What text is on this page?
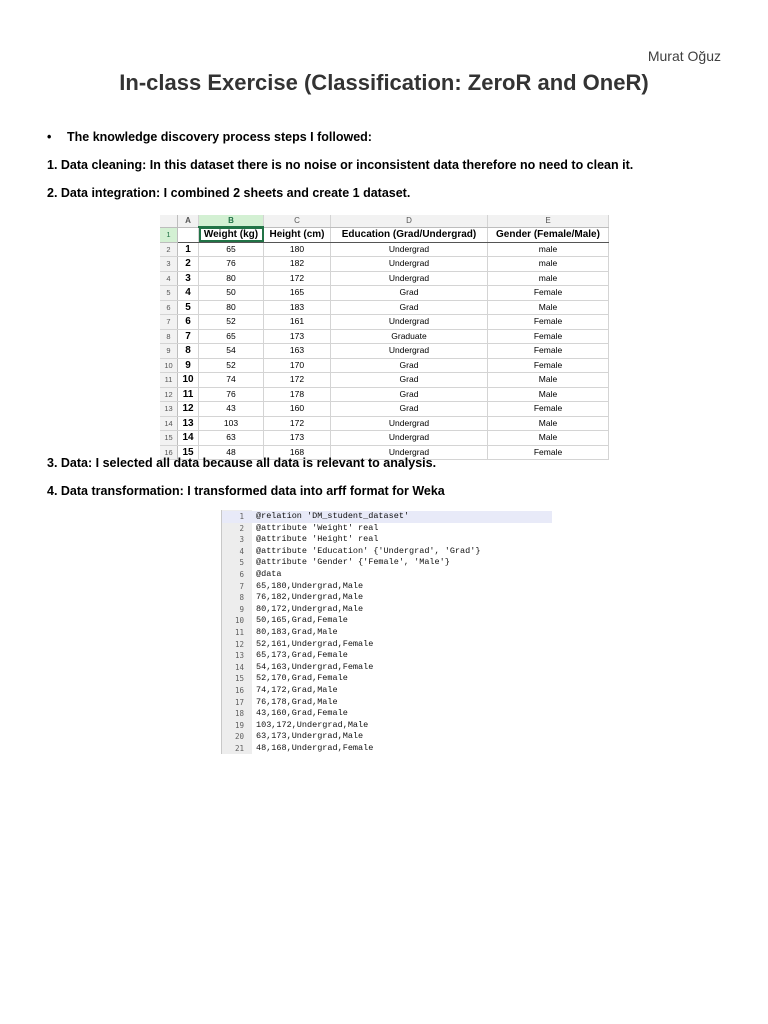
Murat Oğuz
In-class Exercise (Classification: ZeroR and OneR)
• The knowledge discovery process steps I followed:
1. Data cleaning: In this dataset there is no noise or inconsistent data therefore no need to clean it.
2. Data integration: I combined 2 sheets and create 1 dataset.
	A	B	C	D	E
1		Weight (kg)	Height (cm)	Education (Grad/Undergrad)	Gender (Female/Male)
2	1	65	180	Undergrad	male
3	2	76	182	Undergrad	male
4	3	80	172	Undergrad	male
5	4	50	165	Grad	Female
6	5	80	183	Grad	Male
7	6	52	161	Undergrad	Female
8	7	65	173	Graduate	Female
9	8	54	163	Undergrad	Female
10	9	52	170	Grad	Female
11	10	74	172	Grad	Male
12	11	76	178	Grad	Male
13	12	43	160	Grad	Female
14	13	103	172	Undergrad	Male
15	14	63	173	Undergrad	Male
16	15	48	168	Undergrad	Female
3. Data: I selected all data because all data is relevant to analysis.
4. Data transformation: I transformed data into arff format for Weka
1 @relation 'DM_student_dataset'
2 @attribute 'Weight' real
3 @attribute 'Height' real
4 @attribute 'Education' {'Undergrad', 'Grad'}
5 @attribute 'Gender' {'Female', 'Male'}
6 @data
7 65,180,Undergrad,Male
8 76,182,Undergrad,Male
9 80,172,Undergrad,Male
10 50,165,Grad,Female
11 80,183,Grad,Male
12 52,161,Undergrad,Female
13 65,173,Grad,Female
14 54,163,Undergrad,Female
15 52,170,Grad,Female
16 74,172,Grad,Male
17 76,178,Grad,Male
18 43,160,Grad,Female
19 103,172,Undergrad,Male
20 63,173,Undergrad,Male
21 48,168,Undergrad,Female
